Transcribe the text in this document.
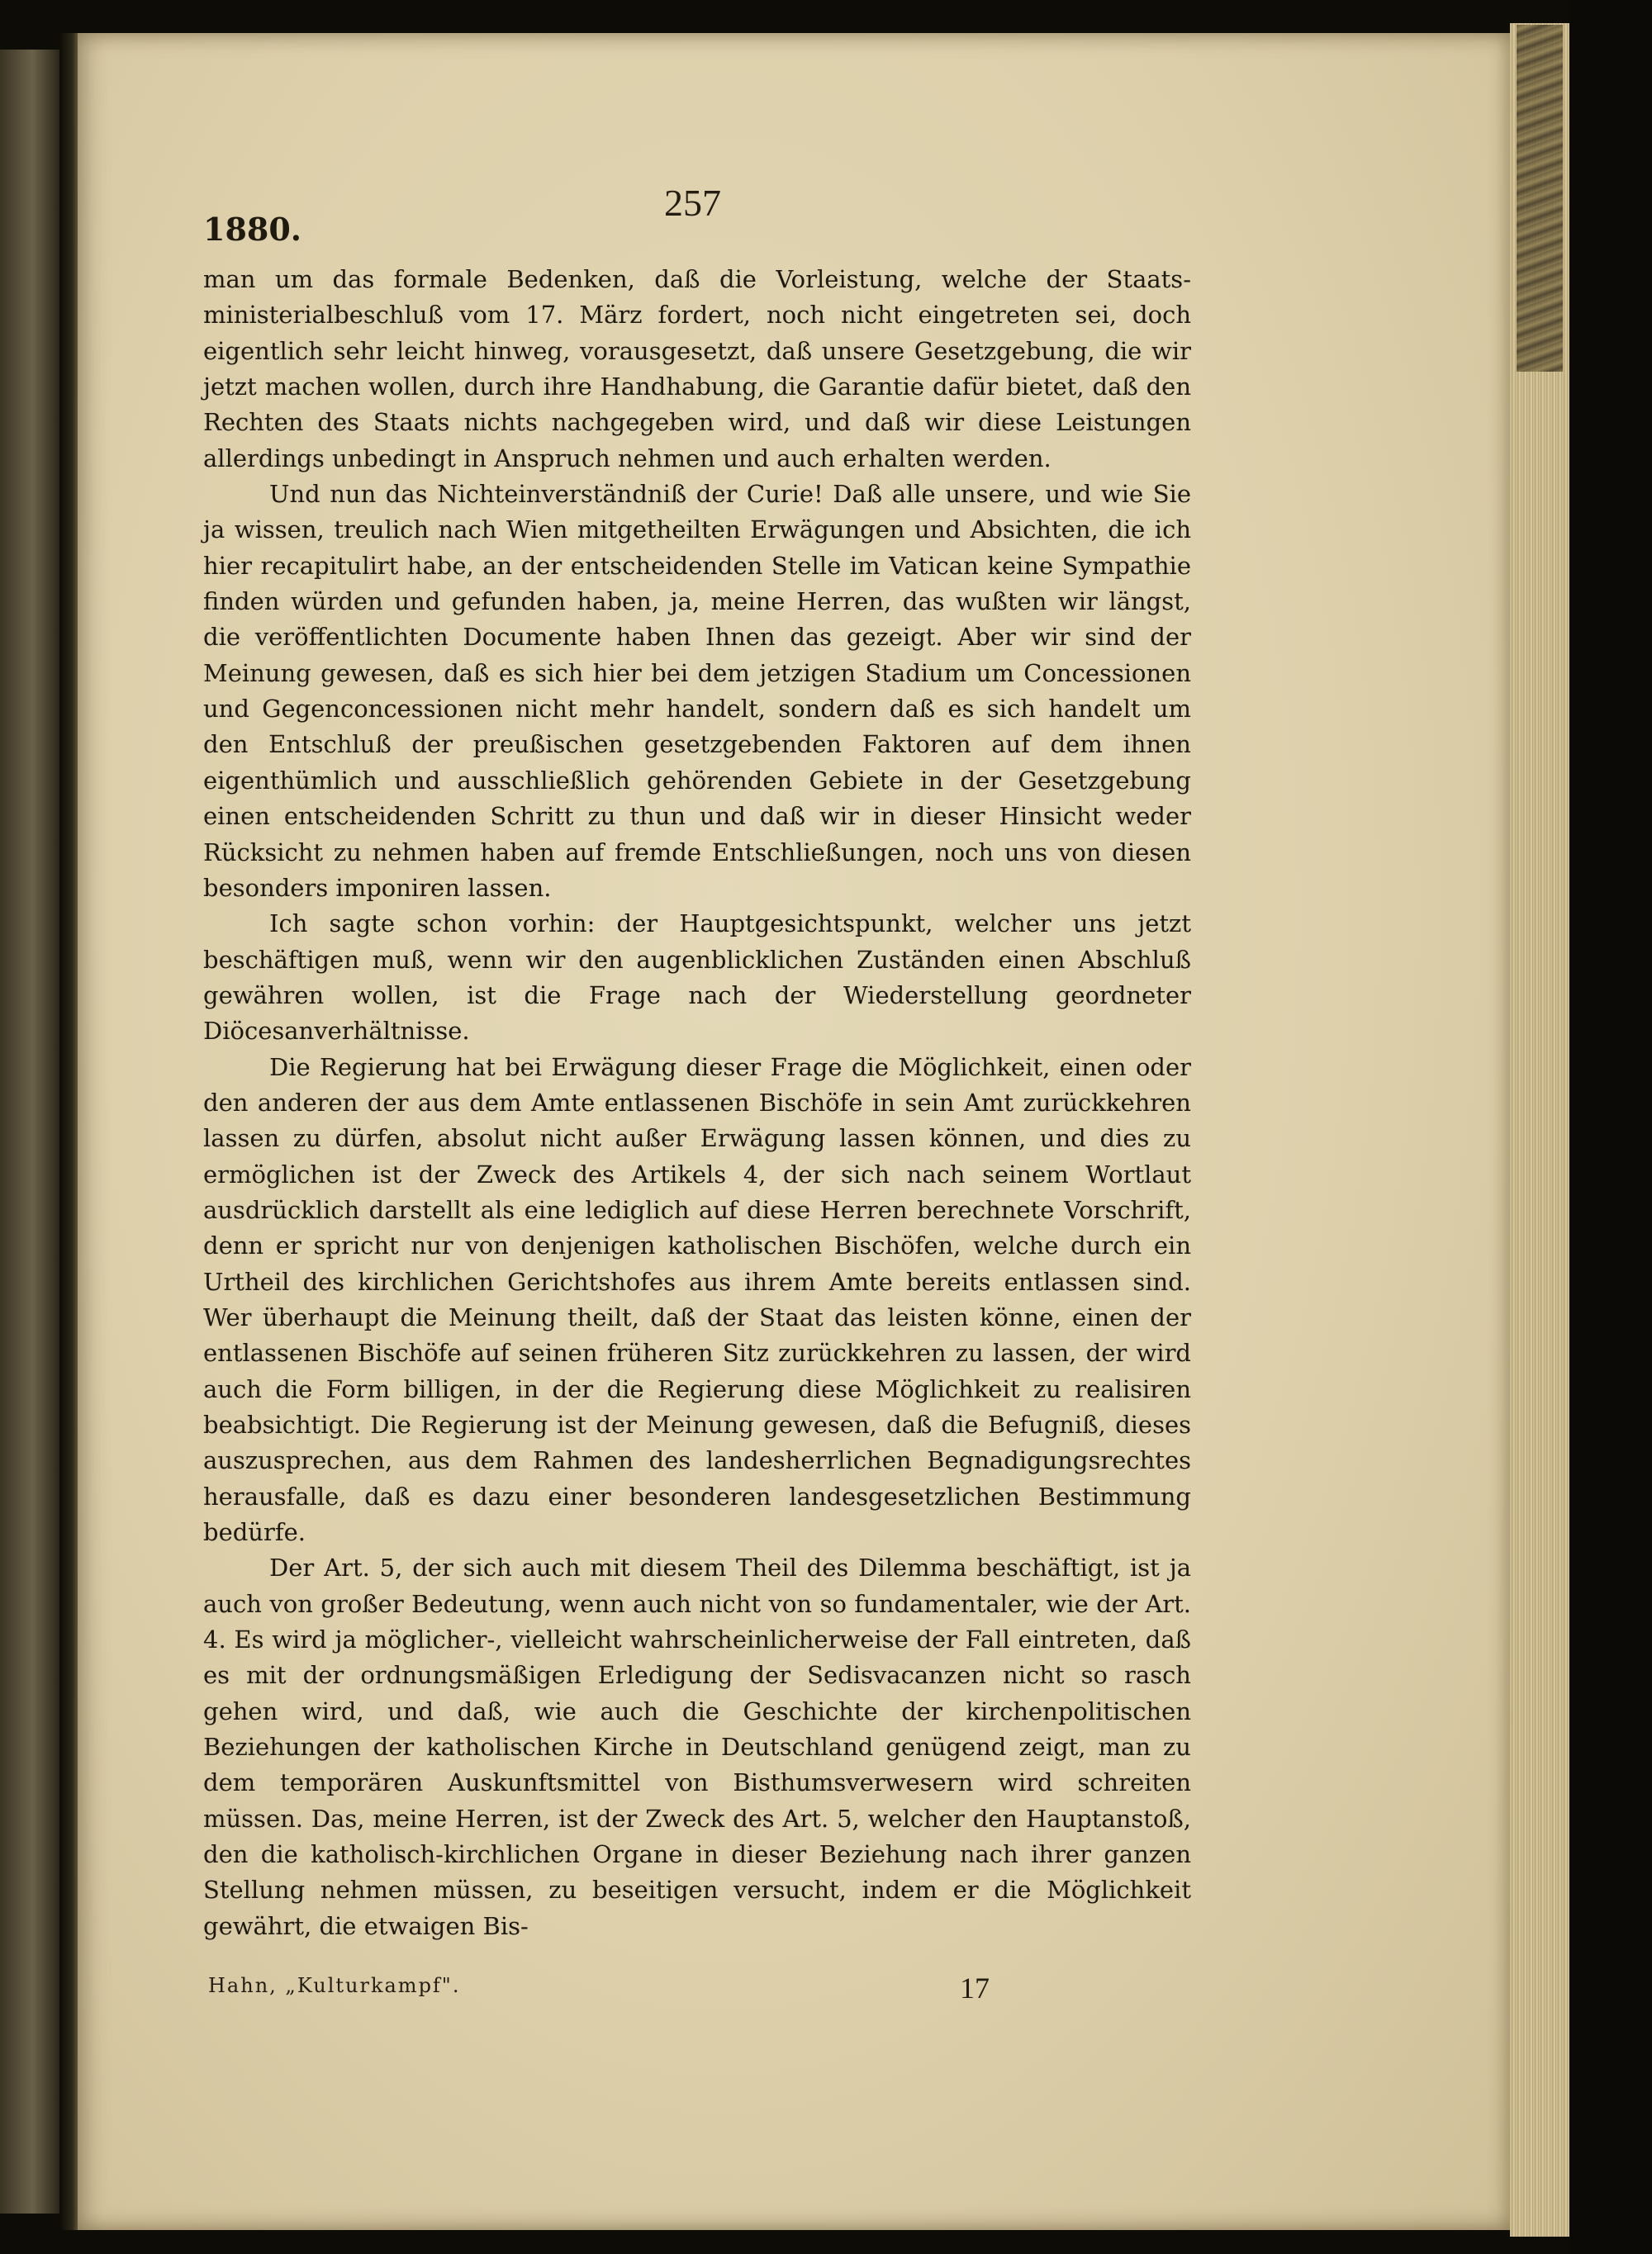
1880.
257

man um das formale Bedenken, daß die Vorleistung, welche der Staats-ministerialbeschluß vom 17. März fordert, noch nicht eingetreten sei, doch eigentlich sehr leicht hinweg, vorausgesetzt, daß unsere Gesetzgebung, die wir jetzt machen wollen, durch ihre Handhabung, die Garantie dafür bietet, daß den Rechten des Staats nichts nachgegeben wird, und daß wir diese Leistungen allerdings unbedingt in Anspruch nehmen und auch erhalten werden.

Und nun das Nichteinverständniß der Curie! Daß alle unsere, und wie Sie ja wissen, treulich nach Wien mitgetheilten Erwägungen und Absichten, die ich hier recapitulirt habe, an der entscheidenden Stelle im Vatican keine Sympathie finden würden und gefunden haben, ja, meine Herren, das wußten wir längst, die veröffentlichten Documente haben Ihnen das gezeigt. Aber wir sind der Meinung gewesen, daß es sich hier bei dem jetzigen Stadium um Concessionen und Gegenconcessionen nicht mehr handelt, sondern daß es sich handelt um den Entschluß der preußischen gesetzgebenden Faktoren auf dem ihnen eigenthümlich und ausschließlich gehörenden Gebiete in der Gesetzgebung einen entscheidenden Schritt zu thun und daß wir in dieser Hinsicht weder Rücksicht zu nehmen haben auf fremde Entschließungen, noch uns von diesen besonders imponiren lassen.

Ich sagte schon vorhin: der Hauptgesichtspunkt, welcher uns jetzt beschäftigen muß, wenn wir den augenblicklichen Zuständen einen Abschluß gewähren wollen, ist die Frage nach der Wiederstellung geordneter Diöcesanverhältnisse.

Die Regierung hat bei Erwägung dieser Frage die Möglichkeit, einen oder den anderen der aus dem Amte entlassenen Bischöfe in sein Amt zurückkehren lassen zu dürfen, absolut nicht außer Erwägung lassen können, und dies zu ermöglichen ist der Zweck des Artikels 4, der sich nach seinem Wortlaut ausdrücklich darstellt als eine lediglich auf diese Herren berechnete Vorschrift, denn er spricht nur von denjenigen katholischen Bischöfen, welche durch ein Urtheil des kirchlichen Gerichtshofes aus ihrem Amte bereits entlassen sind. Wer überhaupt die Meinung theilt, daß der Staat das leisten könne, einen der entlassenen Bischöfe auf seinen früheren Sitz zurückkehren zu lassen, der wird auch die Form billigen, in der die Regierung diese Möglichkeit zu realisiren beabsichtigt. Die Regierung ist der Meinung gewesen, daß die Befugniß, dieses auszusprechen, aus dem Rahmen des landesherrlichen Begnadigungsrechtes herausfalle, daß es dazu einer besonderen landesgesetzlichen Bestimmung bedürfe.

Der Art. 5, der sich auch mit diesem Theil des Dilemma beschäftigt, ist ja auch von großer Bedeutung, wenn auch nicht von so fundamentaler, wie der Art. 4. Es wird ja möglicher-, vielleicht wahrscheinlicherweise der Fall eintreten, daß es mit der ordnungsmäßigen Erledigung der Sedisvacanzen nicht so rasch gehen wird, und daß, wie auch die Geschichte der kirchenpolitischen Beziehungen der katholischen Kirche in Deutschland genügend zeigt, man zu dem temporären Auskunftsmittel von Bisthumsverwesern wird schreiten müssen. Das, meine Herren, ist der Zweck des Art. 5, welcher den Hauptanstoß, den die katholisch-kirchlichen Organe in dieser Beziehung nach ihrer ganzen Stellung nehmen müssen, zu beseitigen versucht, indem er die Möglichkeit gewährt, die etwaigen Bis-

Hahn, „Kulturkampf".	17
